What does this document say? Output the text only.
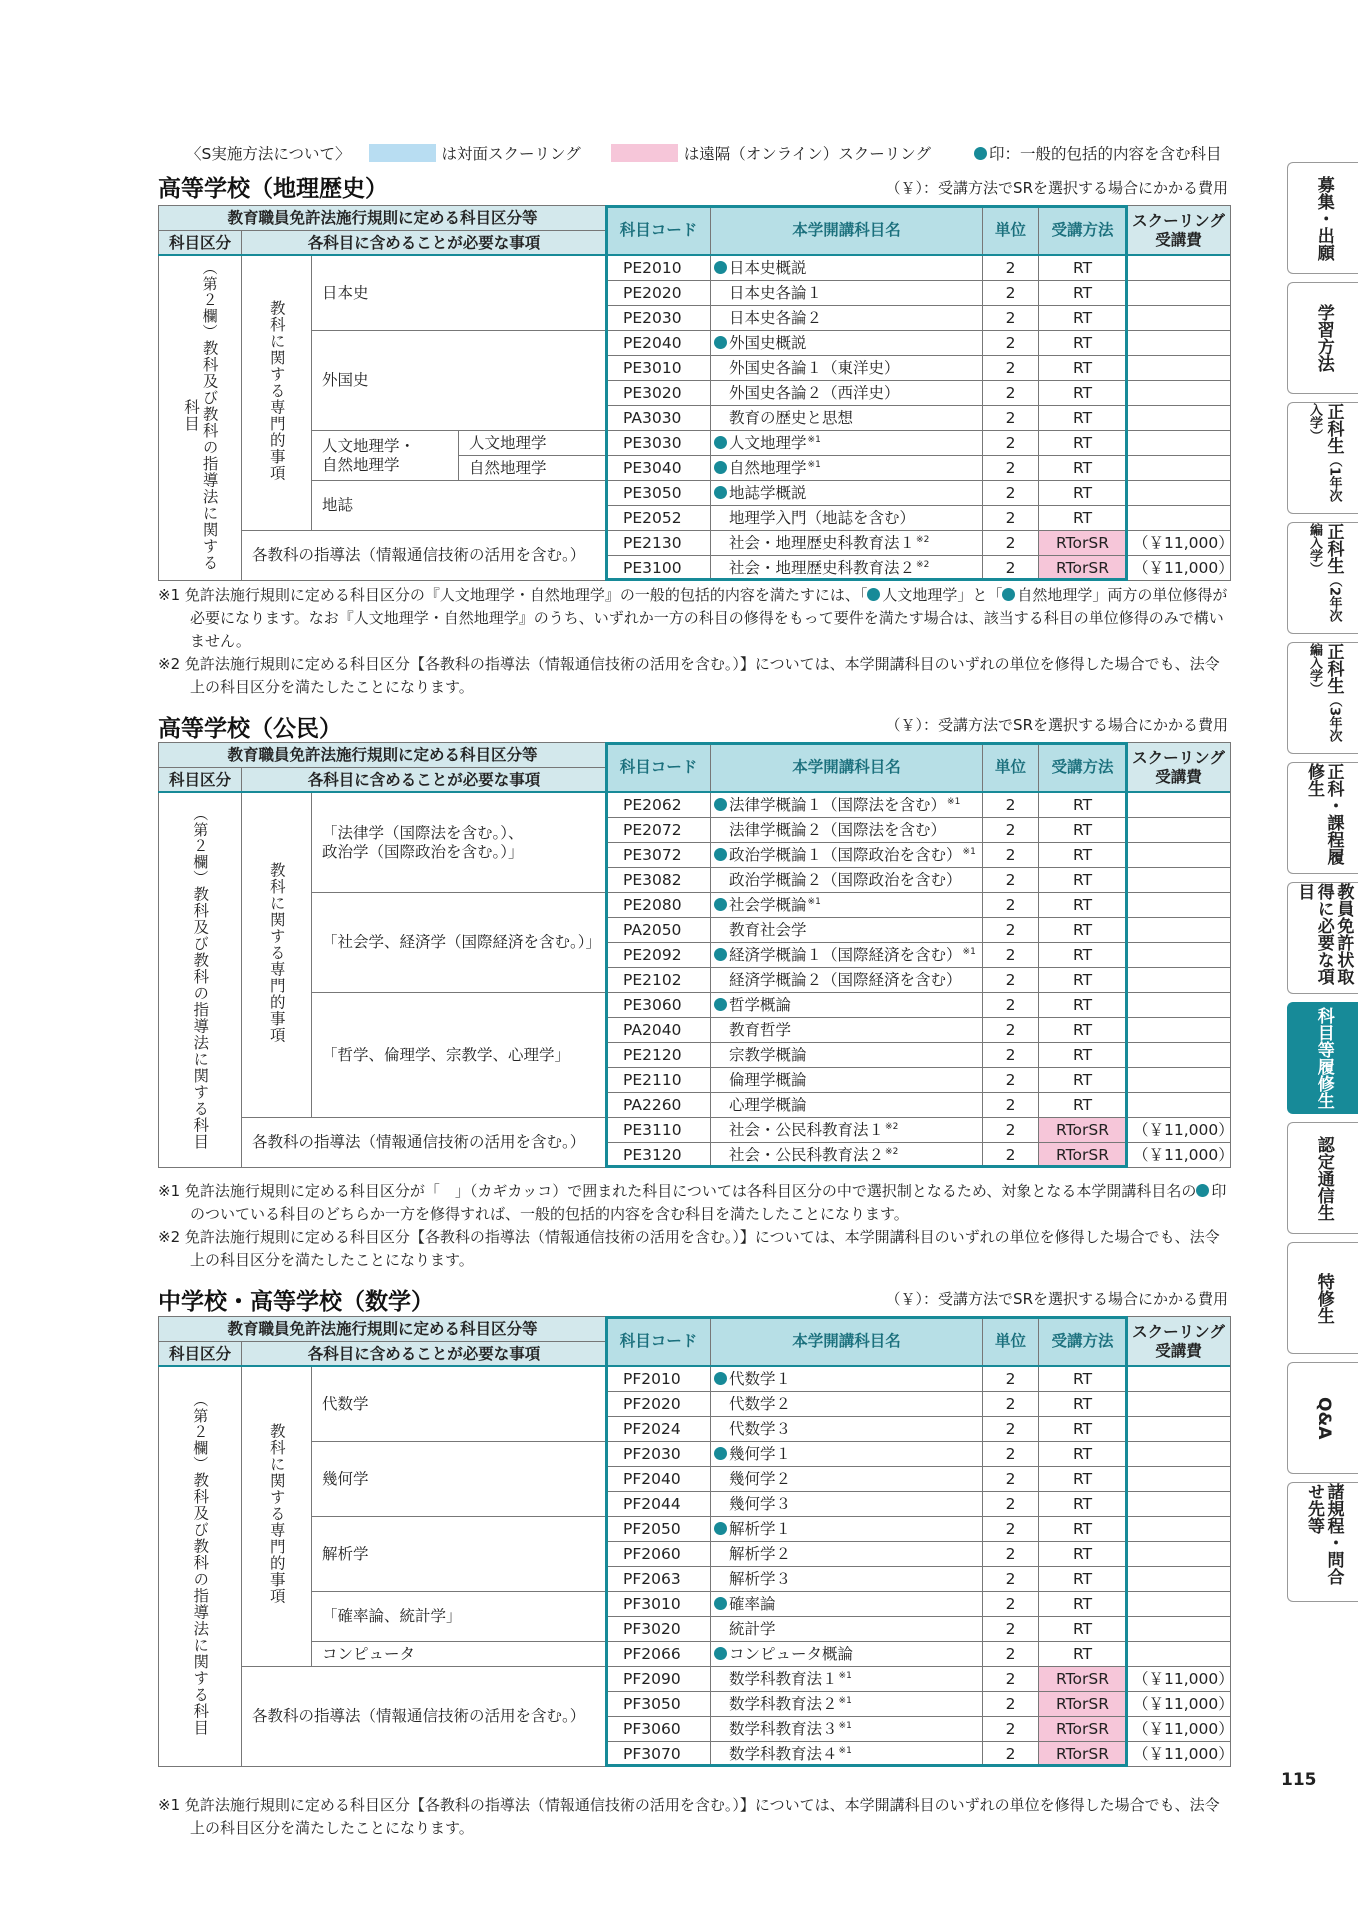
〈S実施方法について〉	は対面スクーリング	は遠隔（オンライン）スクーリング	印：一般的包括的内容を含む科目
高等学校（地理歴史）	（￥）：受講方法でSRを選択する場合にかかる費用
教育職員免許法施行規則に定める科目区分等				科目コード	本学開講科目名	単位	受講方法	スクーリング
受講費
科目区分	各科目に含めることが必要な事項							
（第２欄）教科及び教科の指導法に関する科目	教科に関する専門的事項	日本史		PE2010	日本史概説	2	RT	
				PE2020	日本史各論１	2	RT	
				PE2030	日本史各論２	2	RT	
		外国史		PE2040	外国史概説	2	RT	
				PE3010	外国史各論１（東洋史）	2	RT	
				PE3020	外国史各論２（西洋史）	2	RT	
				PA3030	教育の歴史と思想	2	RT	
		人文地理学・
自然地理学	人文地理学	PE3030	人文地理学$^{※1}$	2	RT	
			自然地理学	PE3040	自然地理学$^{※1}$	2	RT	
		地誌		PE3050	地誌学概説	2	RT	
				PE2052	地理学入門（地誌を含む）	2	RT	
	各教科の指導法（情報通信技術の活用を含む。）			PE2130	社会・地理歴史科教育法１$^{※2}$	2	RTorSR	（￥11,000）
				PE3100	社会・地理歴史科教育法２$^{※2}$	2	RTorSR	（￥11,000）

※1 免許法施行規則に定める科目区分の『人文地理学・自然地理学』の一般的包括的内容を満たすには、「 人文地理学」と「 自然地理学」両方の単位修得が必要になります。なお『人文地理学・自然地理学』のうち、いずれか一方の科目の修得をもって要件を満たす場合は、該当する科目の単位修得のみで構いません。

※2 免許法施行規則に定める科目区分【各教科の指導法（情報通信技術の活用を含む。）】については、本学開講科目のいずれの単位を修得した場合でも、法令上の科目区分を満たしたことになります。

高等学校（公民）	（￥）：受講方法でSRを選択する場合にかかる費用
教育職員免許法施行規則に定める科目区分等			科目コード	本学開講科目名	単位	受講方法	スクーリング
受講費
科目区分	各科目に含めることが必要な事項						
（第２欄）教科及び教科の指導法に関する科目	教科に関する専門的事項	「法律学（国際法を含む。）、
政治学（国際政治を含む。）」	PE2062	法律学概論１（国際法を含む）$^{※1}$	2	RT	
			PE2072	法律学概論２（国際法を含む）	2	RT	
			PE3072	政治学概論１（国際政治を含む）$^{※1}$	2	RT	
			PE3082	政治学概論２（国際政治を含む）	2	RT	
		「社会学、経済学（国際経済を含む。）」	PE2080	社会学概論$^{※1}$	2	RT	
			PA2050	教育社会学	2	RT	
			PE2092	経済学概論１（国際経済を含む）$^{※1}$	2	RT	
			PE2102	経済学概論２（国際経済を含む）	2	RT	
		「哲学、倫理学、宗教学、心理学」	PE3060	哲学概論	2	RT	
			PA2040	教育哲学	2	RT	
			PE2120	宗教学概論	2	RT	
			PE2110	倫理学概論	2	RT	
			PA2260	心理学概論	2	RT	
	各教科の指導法（情報通信技術の活用を含む。）		PE3110	社会・公民科教育法１$^{※2}$	2	RTorSR	（￥11,000）
			PE3120	社会・公民科教育法２$^{※2}$	2	RTorSR	（￥11,000）

※1 免許法施行規則に定める科目区分が「　」（カギカッコ）で囲まれた科目については各科目区分の中で選択制となるため、対象となる本学開講科目名の 印のついている科目のどちらか一方を修得すれば、一般的包括的内容を含む科目を満たしたことになります。

※2 免許法施行規則に定める科目区分【各教科の指導法（情報通信技術の活用を含む。）】については、本学開講科目のいずれの単位を修得した場合でも、法令上の科目区分を満たしたことになります。

中学校・高等学校（数学）	（￥）：受講方法でSRを選択する場合にかかる費用
教育職員免許法施行規則に定める科目区分等			科目コード	本学開講科目名	単位	受講方法	スクーリング
受講費
科目区分	各科目に含めることが必要な事項						
（第２欄）教科及び教科の指導法に関する科目	教科に関する専門的事項	代数学	PF2010	代数学１	2	RT	
			PF2020	代数学２	2	RT	
			PF2024	代数学３	2	RT	
		幾何学	PF2030	幾何学１	2	RT	
			PF2040	幾何学２	2	RT	
			PF2044	幾何学３	2	RT	
		解析学	PF2050	解析学１	2	RT	
			PF2060	解析学２	2	RT	
			PF2063	解析学３	2	RT	
		「確率論、統計学」	PF3010	確率論	2	RT	
			PF3020	統計学	2	RT	
		コンピュータ	PF2066	コンピュータ概論	2	RT	
	各教科の指導法（情報通信技術の活用を含む。）		PF2090	数学科教育法１$^{※1}$	2	RTorSR	（￥11,000）
			PF3050	数学科教育法２$^{※1}$	2	RTorSR	（￥11,000）
			PF3060	数学科教育法３$^{※1}$	2	RTorSR	（￥11,000）
			PF3070	数学科教育法４$^{※1}$	2	RTorSR	（￥11,000）

※1 免許法施行規則に定める科目区分【各教科の指導法（情報通信技術の活用を含む。）】については、本学開講科目のいずれの単位を修得した場合でも、法令上の科目区分を満たしたことになります。

募集・出願
学習方法
正科生（1年次入学）
正科生（2年次編入学）
正科生（3年次編入学）
正科・課程履修生
教員免許状取得に必要な項目
科目等履修生
認定通信生
特修生
Q&A
諸規程・問合せ先等
115
